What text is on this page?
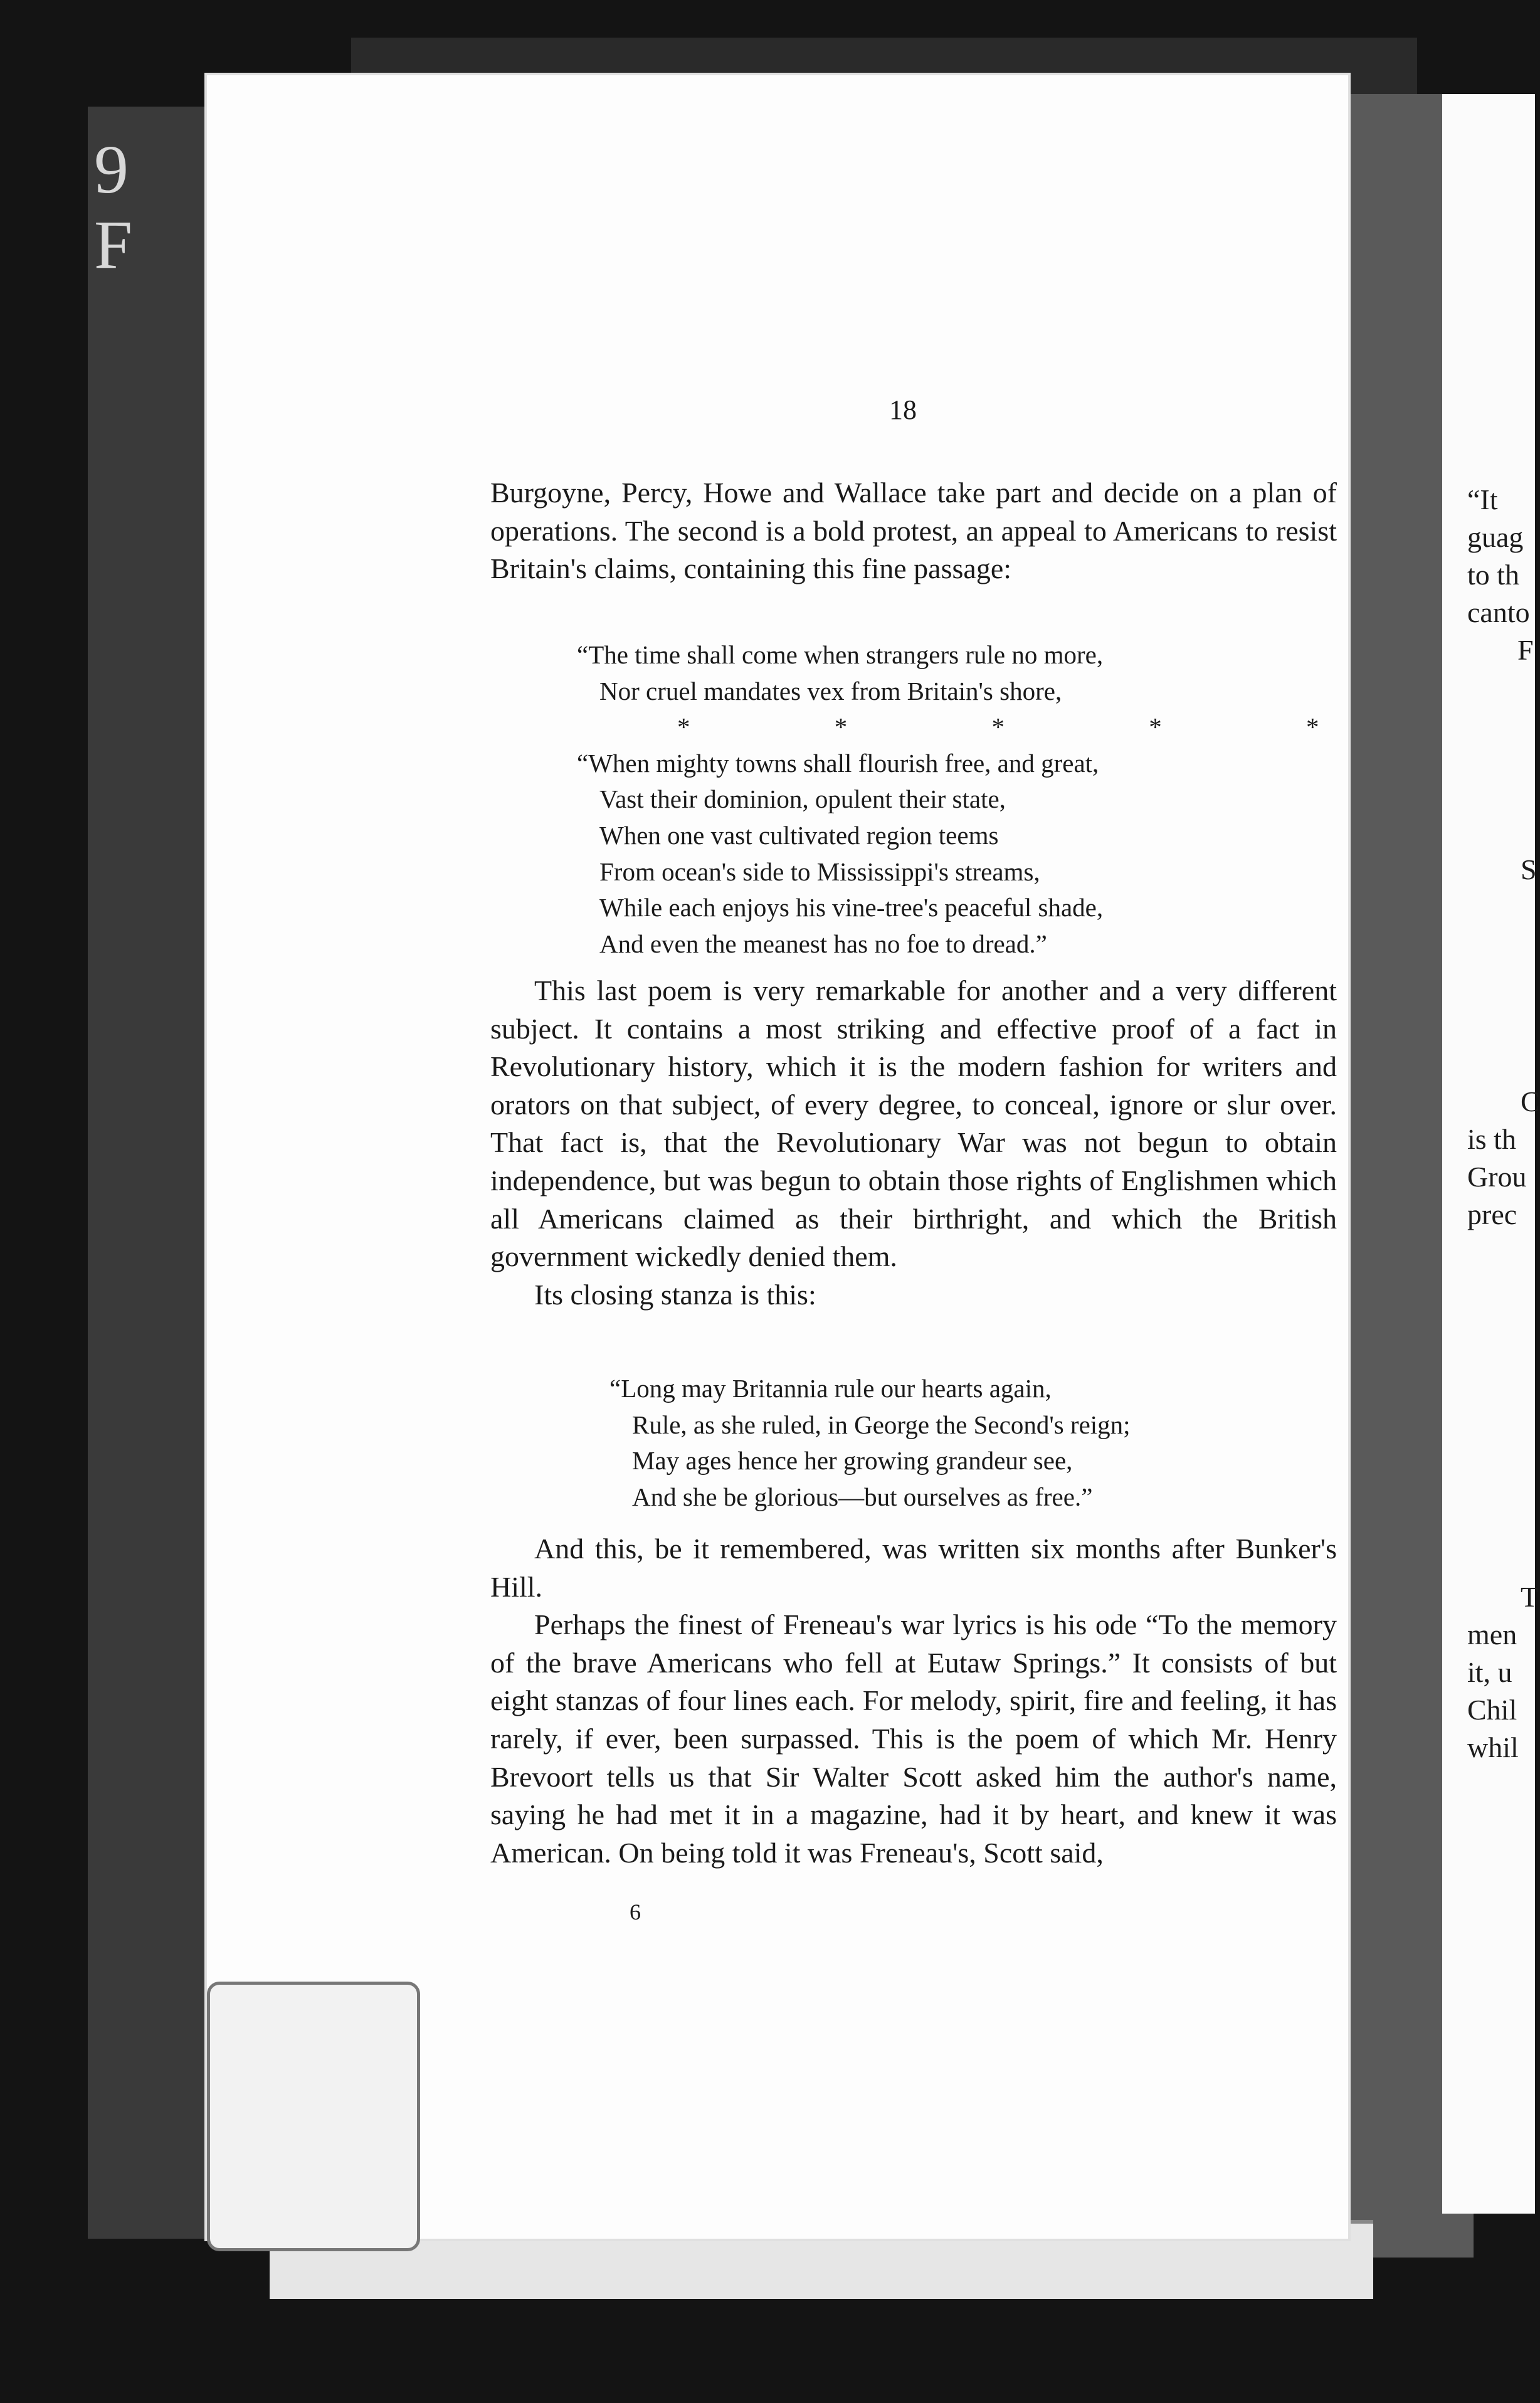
9
F
“It
guag
to th
canto
F
S
C
is th
Grou
prec
T
men
it, u
Chil
whil
18

Burgoyne, Percy, Howe and Wallace take part and decide on a plan of operations. The second is a bold protest, an appeal to Americans to resist Britain's claims, containing this fine passage:

“The time shall come when strangers rule no more,
Nor cruel mandates vex from Britain's shore,
* * * * *
“When mighty towns shall flourish free, and great,
Vast their dominion, opulent their state,
When one vast cultivated region teems
From ocean's side to Mississippi's streams,
While each enjoys his vine-tree's peaceful shade,
And even the meanest has no foe to dread.”

This last poem is very remarkable for another and a very different subject. It contains a most striking and effective proof of a fact in Revolutionary history, which it is the modern fashion for writers and orators on that subject, of every degree, to conceal, ignore or slur over. That fact is, that the Revolutionary War was not begun to obtain independence, but was begun to obtain those rights of Englishmen which all Americans claimed as their birthright, and which the British government wickedly denied them.

Its closing stanza is this:

“Long may Britannia rule our hearts again,
Rule, as she ruled, in George the Second's reign;
May ages hence her growing grandeur see,
And she be glorious—but ourselves as free.”

And this, be it remembered, was written six months after Bunker's Hill.

Perhaps the finest of Freneau's war lyrics is his ode “To the memory of the brave Americans who fell at Eutaw Springs.” It consists of but eight stanzas of four lines each. For melody, spirit, fire and feeling, it has rarely, if ever, been surpassed. This is the poem of which Mr. Henry Brevoort tells us that Sir Walter Scott asked him the author's name, saying he had met it in a magazine, had it by heart, and knew it was American. On being told it was Freneau's, Scott said,

6
